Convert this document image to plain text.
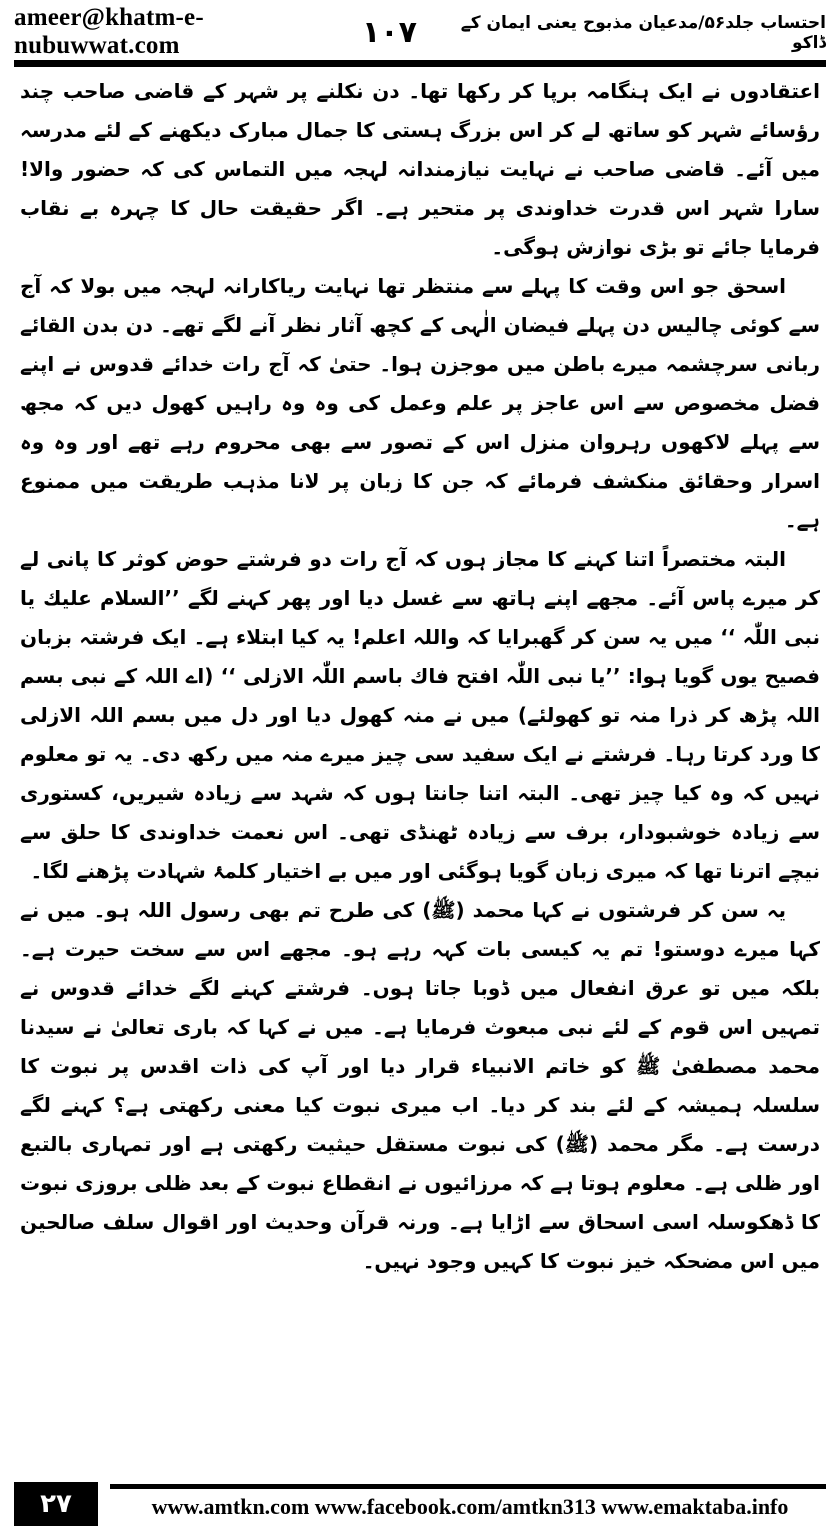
ameer@khatm-e-nubuwwat.com
احتساب جلد۵۶/مدعیان مذبوح یعنی ایمان کے ڈاکو
١٠٧

اعتقادوں نے ایک ہنگامہ برپا کر رکھا تھا۔ دن نکلنے پر شہر کے قاضی صاحب چند رؤسائے شہر کو ساتھ لے کر اس بزرگ ہستی کا جمال مبارک دیکھنے کے لئے مدرسہ میں آئے۔ قاضی صاحب نے نہایت نیازمندانہ لہجہ میں التماس کی کہ حضور والا! سارا شہر اس قدرت خداوندی پر متحیر ہے۔ اگر حقیقت حال کا چہرہ بے نقاب فرمایا جائے تو بڑی نوازش ہوگی۔

اسحق جو اس وقت کا پہلے سے منتظر تھا نہایت ریاکارانہ لہجہ میں بولا کہ آج سے کوئی چالیس دن پہلے فیضان الٰہی کے کچھ آثار نظر آنے لگے تھے۔ دن بدن القائے ربانی سرچشمہ میرے باطن میں موجزن ہوا۔ حتیٰ کہ آج رات خدائے قدوس نے اپنے فضل مخصوص سے اس عاجز پر علم وعمل کی وہ وہ راہیں کھول دیں کہ مجھ سے پہلے لاکھوں رہروان منزل اس کے تصور سے بھی محروم رہے تھے اور وہ وہ اسرار وحقائق منکشف فرمائے کہ جن کا زبان پر لانا مذہب طریقت میں ممنوع ہے۔

البتہ مختصراً اتنا کہنے کا مجاز ہوں کہ آج رات دو فرشتے حوض کوثر کا پانی لے کر میرے پاس آئے۔ مجھے اپنے ہاتھ سے غسل دیا اور پھر کہنے لگے ’’السلام علیك یا نبی اللّٰہ ‘‘ میں یہ سن کر گھبرایا کہ واللہ اعلم! یہ کیا ابتلاء ہے۔ ایک فرشتہ بزبان فصیح یوں گویا ہوا: ’’یا نبی اللّٰہ افتح فاك باسم اللّٰہ الازلی ‘‘ (اے اللہ کے نبی بسم اللہ پڑھ کر ذرا منہ تو کھولئے) میں نے منہ کھول دیا اور دل میں بسم اللہ الازلی کا ورد کرتا رہا۔ فرشتے نے ایک سفید سی چیز میرے منہ میں رکھ دی۔ یہ تو معلوم نہیں کہ وہ کیا چیز تھی۔ البتہ اتنا جانتا ہوں کہ شہد سے زیادہ شیریں، کستوری سے زیادہ خوشبودار، برف سے زیادہ ٹھنڈی تھی۔ اس نعمت خداوندی کا حلق سے نیچے اترنا تھا کہ میری زبان گویا ہوگئی اور میں بے اختیار کلمۂ شہادت پڑھنے لگا۔

یہ سن کر فرشتوں نے کہا محمد (ﷺ) کی طرح تم بھی رسول اللہ ہو۔ میں نے کہا میرے دوستو! تم یہ کیسی بات کہہ رہے ہو۔ مجھے اس سے سخت حیرت ہے۔ بلکہ میں تو عرق انفعال میں ڈوبا جاتا ہوں۔ فرشتے کہنے لگے خدائے قدوس نے تمہیں اس قوم کے لئے نبی مبعوث فرمایا ہے۔ میں نے کہا کہ باری تعالیٰ نے سیدنا محمد مصطفیٰ ﷺ کو خاتم الانبیاء قرار دیا اور آپ کی ذات اقدس پر نبوت کا سلسلہ ہمیشہ کے لئے بند کر دیا۔ اب میری نبوت کیا معنی رکھتی ہے؟ کہنے لگے درست ہے۔ مگر محمد (ﷺ) کی نبوت مستقل حیثیت رکھتی ہے اور تمہاری بالتبع اور ظلی ہے۔ معلوم ہوتا ہے کہ مرزائیوں نے انقطاع نبوت کے بعد ظلی بروزی نبوت کا ڈھکوسلہ اسی اسحاق سے اڑایا ہے۔ ورنہ قرآن وحدیث اور اقوال سلف صالحین میں اس مضحکہ خیز نبوت کا کہیں وجود نہیں۔

٢٧	www.amtkn.com www.facebook.com/amtkn313 www.emaktaba.info
